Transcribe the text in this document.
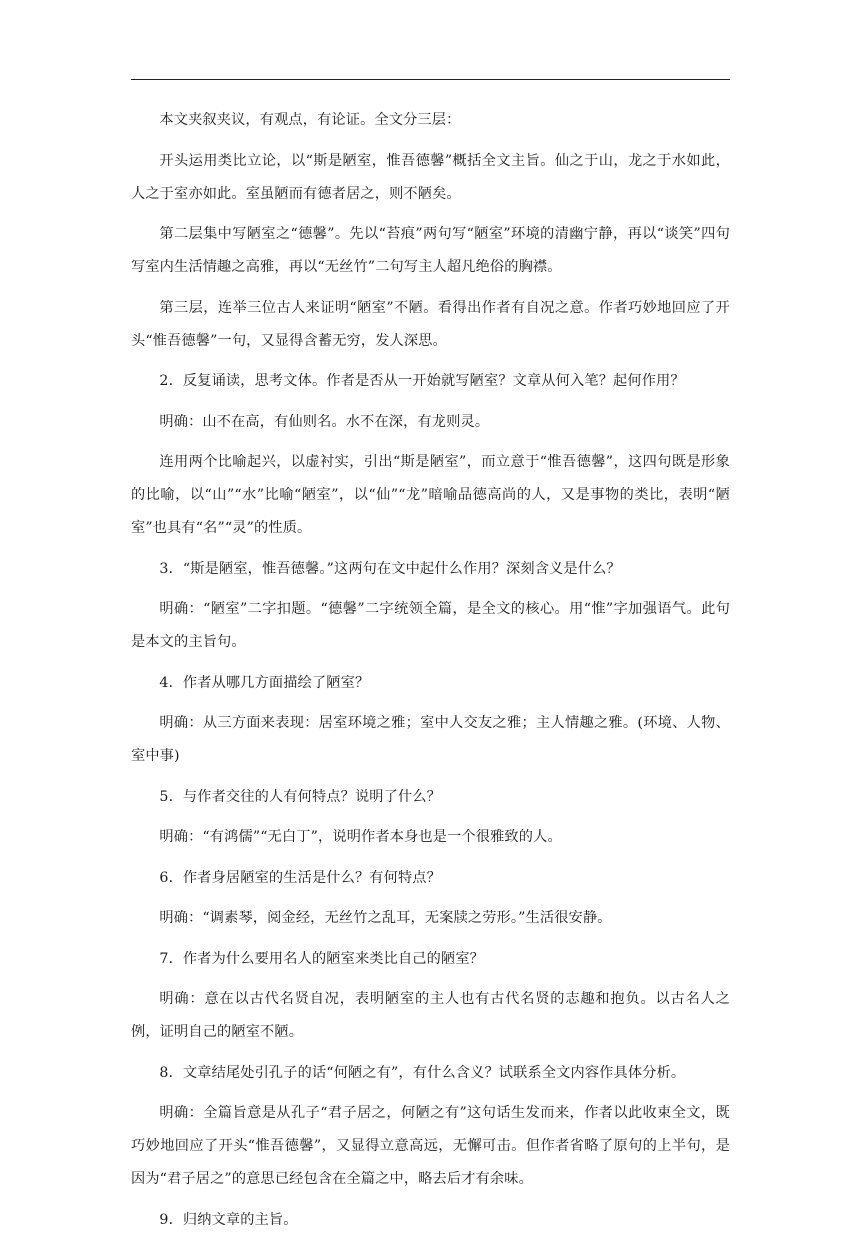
本文夹叙夹议，有观点，有论证。全文分三层：

开头运用类比立论，以“斯是陋室，惟吾德馨”概括全文主旨。仙之于山，龙之于水如此，人之于室亦如此。室虽陋而有德者居之，则不陋矣。

第二层集中写陋室之“德馨”。先以“苔痕”两句写“陋室”环境的清幽宁静，再以“谈笑”四句写室内生活情趣之高雅，再以“无丝竹”二句写主人超凡绝俗的胸襟。

第三层，连举三位古人来证明“陋室”不陋。看得出作者有自况之意。作者巧妙地回应了开头“惟吾德馨”一句，又显得含蓄无穷，发人深思。

2．反复诵读，思考文体。作者是否从一开始就写陋室？文章从何入笔？起何作用？

明确：山不在高，有仙则名。水不在深，有龙则灵。

连用两个比喻起兴，以虚衬实，引出“斯是陋室”，而立意于“惟吾德馨”，这四句既是形象的比喻，以“山”“水”比喻“陋室”，以“仙”“龙”暗喻品德高尚的人，又是事物的类比，表明“陋室”也具有“名”“灵”的性质。

3．“斯是陋室，惟吾德馨。”这两句在文中起什么作用？深刻含义是什么？

明确：“陋室”二字扣题。“德馨”二字统领全篇，是全文的核心。用“惟”字加强语气。此句是本文的主旨句。

4．作者从哪几方面描绘了陋室？

明确：从三方面来表现：居室环境之雅；室中人交友之雅；主人情趣之雅。(环境、人物、室中事)

5．与作者交往的人有何特点？说明了什么？

明确：“有鸿儒”“无白丁”，说明作者本身也是一个很雅致的人。

6．作者身居陋室的生活是什么？有何特点？

明确：“调素琴，阅金经，无丝竹之乱耳，无案牍之劳形。”生活很安静。

7．作者为什么要用名人的陋室来类比自己的陋室？

明确：意在以古代名贤自况，表明陋室的主人也有古代名贤的志趣和抱负。以古名人之例，证明自己的陋室不陋。

8．文章结尾处引孔子的话“何陋之有”，有什么含义？试联系全文内容作具体分析。

明确：全篇旨意是从孔子“君子居之，何陋之有”这句话生发而来，作者以此收束全文，既巧妙地回应了开头“惟吾德馨”，又显得立意高远，无懈可击。但作者省略了原句的上半句，是因为“君子居之”的意思已经包含在全篇之中，略去后才有余味。

9．归纳文章的主旨。
